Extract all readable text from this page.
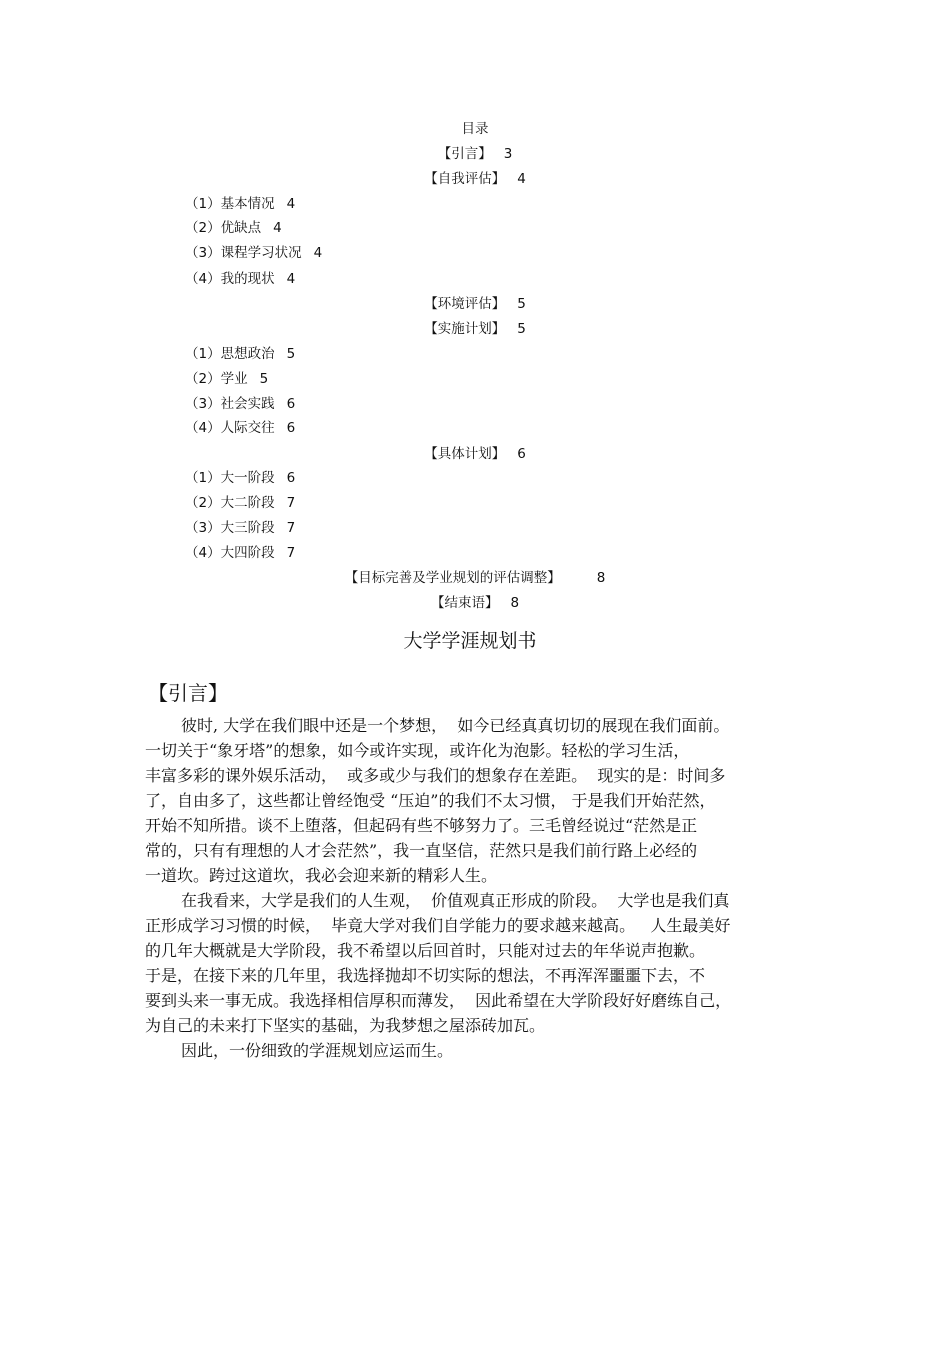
目录
【引言】 3
【自我评估】 4
（1）基本情况 4
（2）优缺点 4
（3）课程学习状况 4
（4）我的现状 4
【环境评估】 5
【实施计划】 5
（1）思想政治 5
（2）学业 5
（3）社会实践 6
（4）人际交往 6
【具体计划】 6
（1）大一阶段 6
（2）大二阶段 7
（3）大三阶段 7
（4）大四阶段 7
【目标完善及学业规划的评估调整】	8
【结束语】 8
大学学涯规划书
【引言】
彼时, 大学在我们眼中还是一个梦想，  如今已经真真切切的展现在我们面前。
一切关于“象牙塔”的想象，如今或许实现，或许化为泡影。轻松的学习生活，
丰富多彩的课外娱乐活动，  或多或少与我们的想象存在差距。  现实的是：时间多
了，自由多了，这些都让曾经饱受 “压迫”的我们不太习惯， 于是我们开始茫然，
开始不知所措。谈不上堕落，但起码有些不够努力了。三毛曾经说过“茫然是正
常的，只有有理想的人才会茫然”，我一直坚信，茫然只是我们前行路上必经的
一道坎。跨过这道坎，我必会迎来新的精彩人生。
在我看来，大学是我们的人生观，  价值观真正形成的阶段。  大学也是我们真
正形成学习习惯的时候，  毕竟大学对我们自学能力的要求越来越高。   人生最美好
的几年大概就是大学阶段，我不希望以后回首时，只能对过去的年华说声抱歉。
于是，在接下来的几年里，我选择抛却不切实际的想法，不再浑浑噩噩下去，不
要到头来一事无成。我选择相信厚积而薄发，  因此希望在大学阶段好好磨练自己，
为自己的未来打下坚实的基础，为我梦想之屋添砖加瓦。
因此，一份细致的学涯规划应运而生。
